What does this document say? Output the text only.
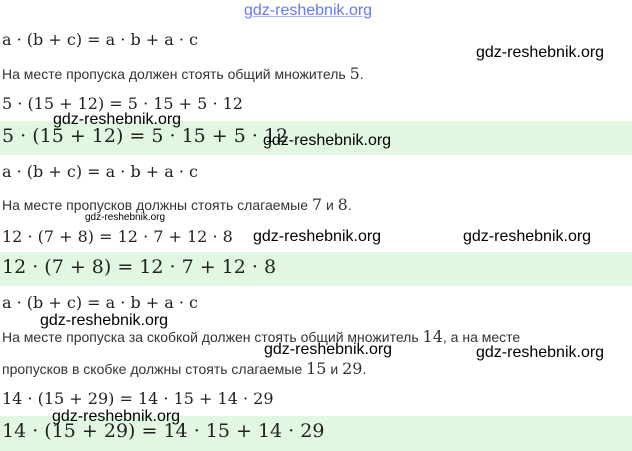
a · (b + c) = a · b + a · c
На месте пропуска должен стоять общий множитель 5.
5 · (15 + 12) = 5 · 15 + 5 · 12
5 · (15 + 12) = 5 · 15 + 5 · 12
a · (b + c) = a · b + a · c
На месте пропусков должны стоять слагаемые 7 и 8.
12 · (7 + 8) = 12 · 7 + 12 · 8
12 · (7 + 8) = 12 · 7 + 12 · 8
a · (b + c) = a · b + a · c
На месте пропуска за скобкой должен стоять общий множитель 14, а на месте
пропусков в скобке должны стоять слагаемые 15 и 29.
14 · (15 + 29) = 14 · 15 + 14 · 29
14 · (15 + 29) = 14 · 15 + 14 · 29
gdz-reshebnik.org
gdz-reshebnik.org
gdz-reshebnik.org
gdz-reshebnik.org
gdz-reshebnik.org
gdz-reshebnik.org	gdz-reshebnik.org
gdz-reshebnik.org
gdz-reshebnik.org	gdz-reshebnik.org
gdz-reshebnik.org
